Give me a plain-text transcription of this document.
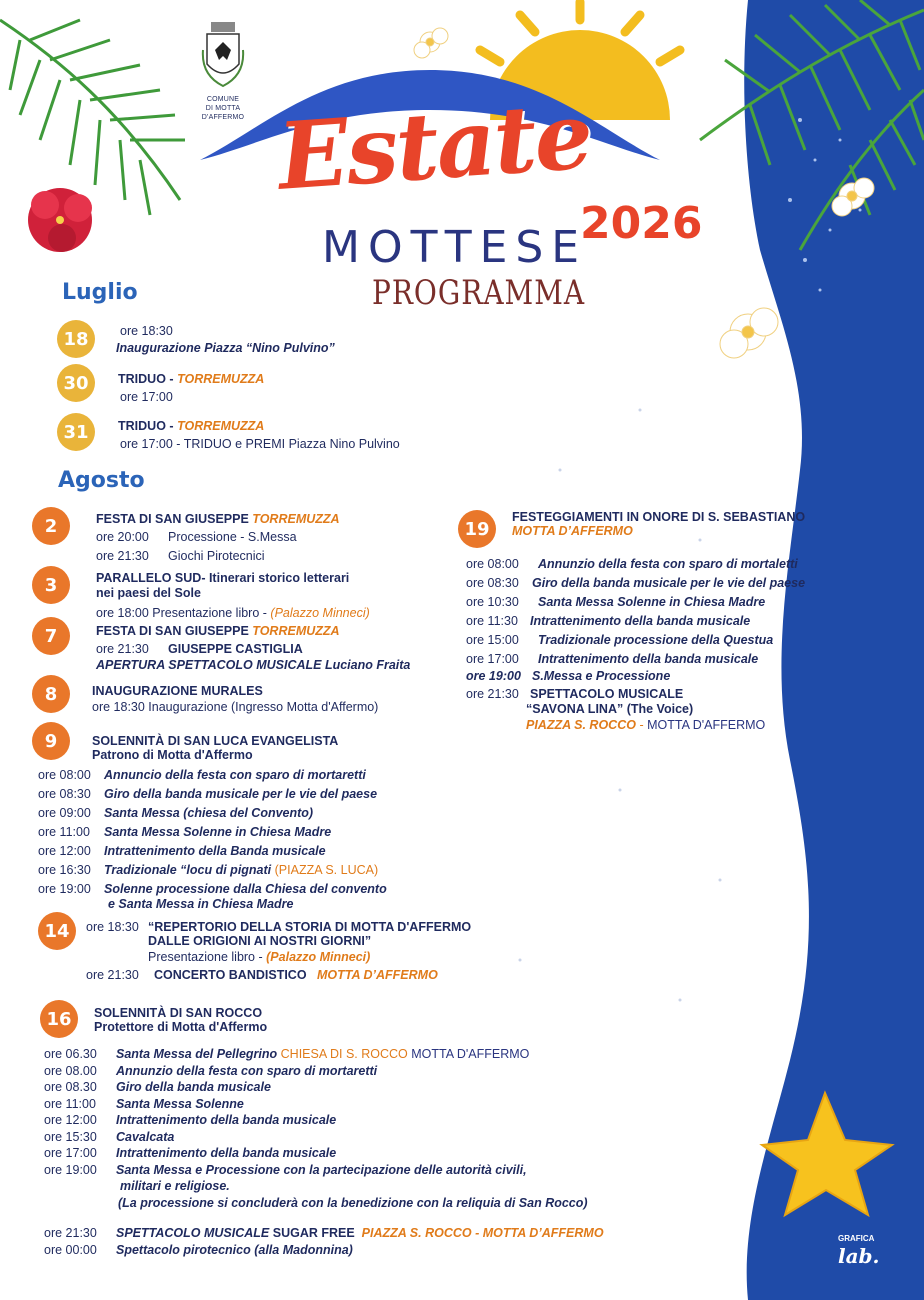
COMUNE
DI MOTTA D'AFFERMO Estate
2026
MOTTESE
PROGRAMMA
Luglio
18	ore 18:30
Inaugurazione Piazza “Nino Pulvino”
30	TRIDUO - TORREMUZZA
ore 17:00
31	TRIDUO - TORREMUZZA
ore 17:00 - TRIDUO e PREMI Piazza Nino Pulvino
Agosto
2	FESTA DI SAN GIUSEPPE TORREMUZZA
ore 20:00 Processione - S.Messa
ore 21:30 Giochi Pirotecnici
3	PARALLELO SUD- Itinerari storico letterari
nei paesi del Sole
ore 18:00 Presentazione libro - (Palazzo Minneci)
7	FESTA DI SAN GIUSEPPE TORREMUZZA
ore 21:30 GIUSEPPE CASTIGLIA
APERTURA SPETTACOLO MUSICALE Luciano Fraita
8	INAUGURAZIONE MURALES
ore 18:30 Inaugurazione (Ingresso Motta d'Affermo)
9	SOLENNITÀ DI SAN LUCA EVANGELISTA
Patrono di Motta d'Affermo
ore 08:00 Annuncio della festa con sparo di mortaretti
ore 08:30 Giro della banda musicale per le vie del paese
ore 09:00 Santa Messa (chiesa del Convento)
ore 11:00 Santa Messa Solenne in Chiesa Madre
ore 12:00 Intrattenimento della Banda musicale
ore 16:30 Tradizionale “locu di pignati (PIAZZA S. LUCA)
ore 19:00 Solenne processione dalla Chiesa del convento
e Santa Messa in Chiesa Madre
14	ore 18:30 “REPERTORIO DELLA STORIA DI MOTTA D'AFFERMO
DALLE ORIGIONI AI NOSTRI GIORNI”
Presentazione libro - (Palazzo Minneci)
ore 21:30 CONCERTO BANDISTICO MOTTA D’AFFERMO
16	SOLENNITÀ DI SAN ROCCO
Protettore di Motta d'Affermo
ore 06.30 Santa Messa del Pellegrino CHIESA DI S. ROCCO MOTTA D'AFFERMO
ore 08.00 Annunzio della festa con sparo di mortaretti
ore 08.30 Giro della banda musicale
ore 11:00 Santa Messa Solenne
ore 12:00 Intrattenimento della banda musicale
ore 15:30 Cavalcata
ore 17:00 Intrattenimento della banda musicale
ore 19:00 Santa Messa e Processione con la partecipazione delle autorità civili,
militari e religiose.
(La processione si concluderà con la benedizione con la reliquia di San Rocco)
ore 21:30 SPETTACOLO MUSICALE SUGAR FREE PIAZZA S. ROCCO - MOTTA D’AFFERMO
ore 00:00 Spettacolo pirotecnico (alla Madonnina)
19
FESTEGGIAMENTI IN ONORE DI S. SEBASTIANO
MOTTA D’AFFERMO
ore 08:00 Annunzio della festa con sparo di mortaletti
ore 08:30 Giro della banda musicale per le vie del paese
ore 10:30 Santa Messa Solenne in Chiesa Madre
ore 11:30 Intrattenimento della banda musicale
ore 15:00 Tradizionale processione della Questua
ore 17:00 Intrattenimento della banda musicale
ore 19:00 S.Messa e Processione
ore 21:30 SPETTACOLO MUSICALE
“SAVONA LINA” (The Voice)
PIAZZA S. ROCCO - MOTTA D'AFFERMO
GRAFICA
lab.
